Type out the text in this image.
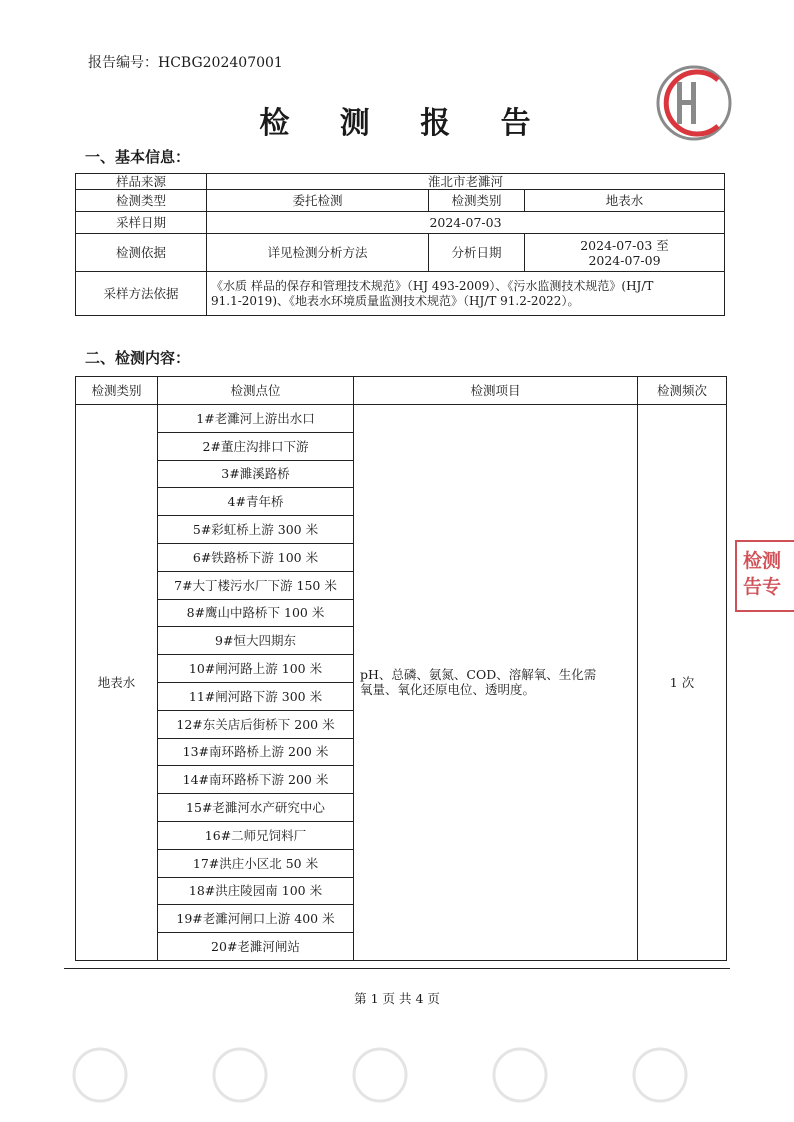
报告编号：HCBG202407001
检 测 报 告
一、基本信息：
样品来源	淮北市老濉河		
检测类型	委托检测	检测类别	地表水
采样日期	2024-07-03		
检测依据	详见检测分析方法	分析日期	2024-07-03 至
2024-07-09

采样方法依据	《水质 样品的保存和管理技术规范》（HJ 493-2009）、《污水监测技术规范》(HJ/T
91.1-2019)、《地表水环境质量监测技术规范》（HJ/T 91.2-2022）。		
二、检测内容：
检测类别	检测点位	检测项目	检测频次
地表水	1#老濉河上游出水口	pH、总磷、氨氮、COD、溶解氧、生化需
氧量、氧化还原电位、透明度。	1 次
	2#董庄沟排口下游		
	3#濉溪路桥		
	4#青年桥		
	5#彩虹桥上游 300 米		
	6#铁路桥下游 100 米		
	7#大丁楼污水厂下游 150 米		
	8#鹰山中路桥下 100 米		
	9#恒大四期东		
	10#闸河路上游 100 米		
	11#闸河路下游 300 米		
	12#东关店后街桥下 200 米		
	13#南环路桥上游 200 米		
	14#南环路桥下游 200 米		
	15#老濉河水产研究中心		
	16#二师兄饲料厂		
	17#洪庄小区北 50 米		
	18#洪庄陵园南 100 米		
	19#老濉河闸口上游 400 米		
	20#老濉河闸站		
第 1 页 共 4 页
检测
告专
